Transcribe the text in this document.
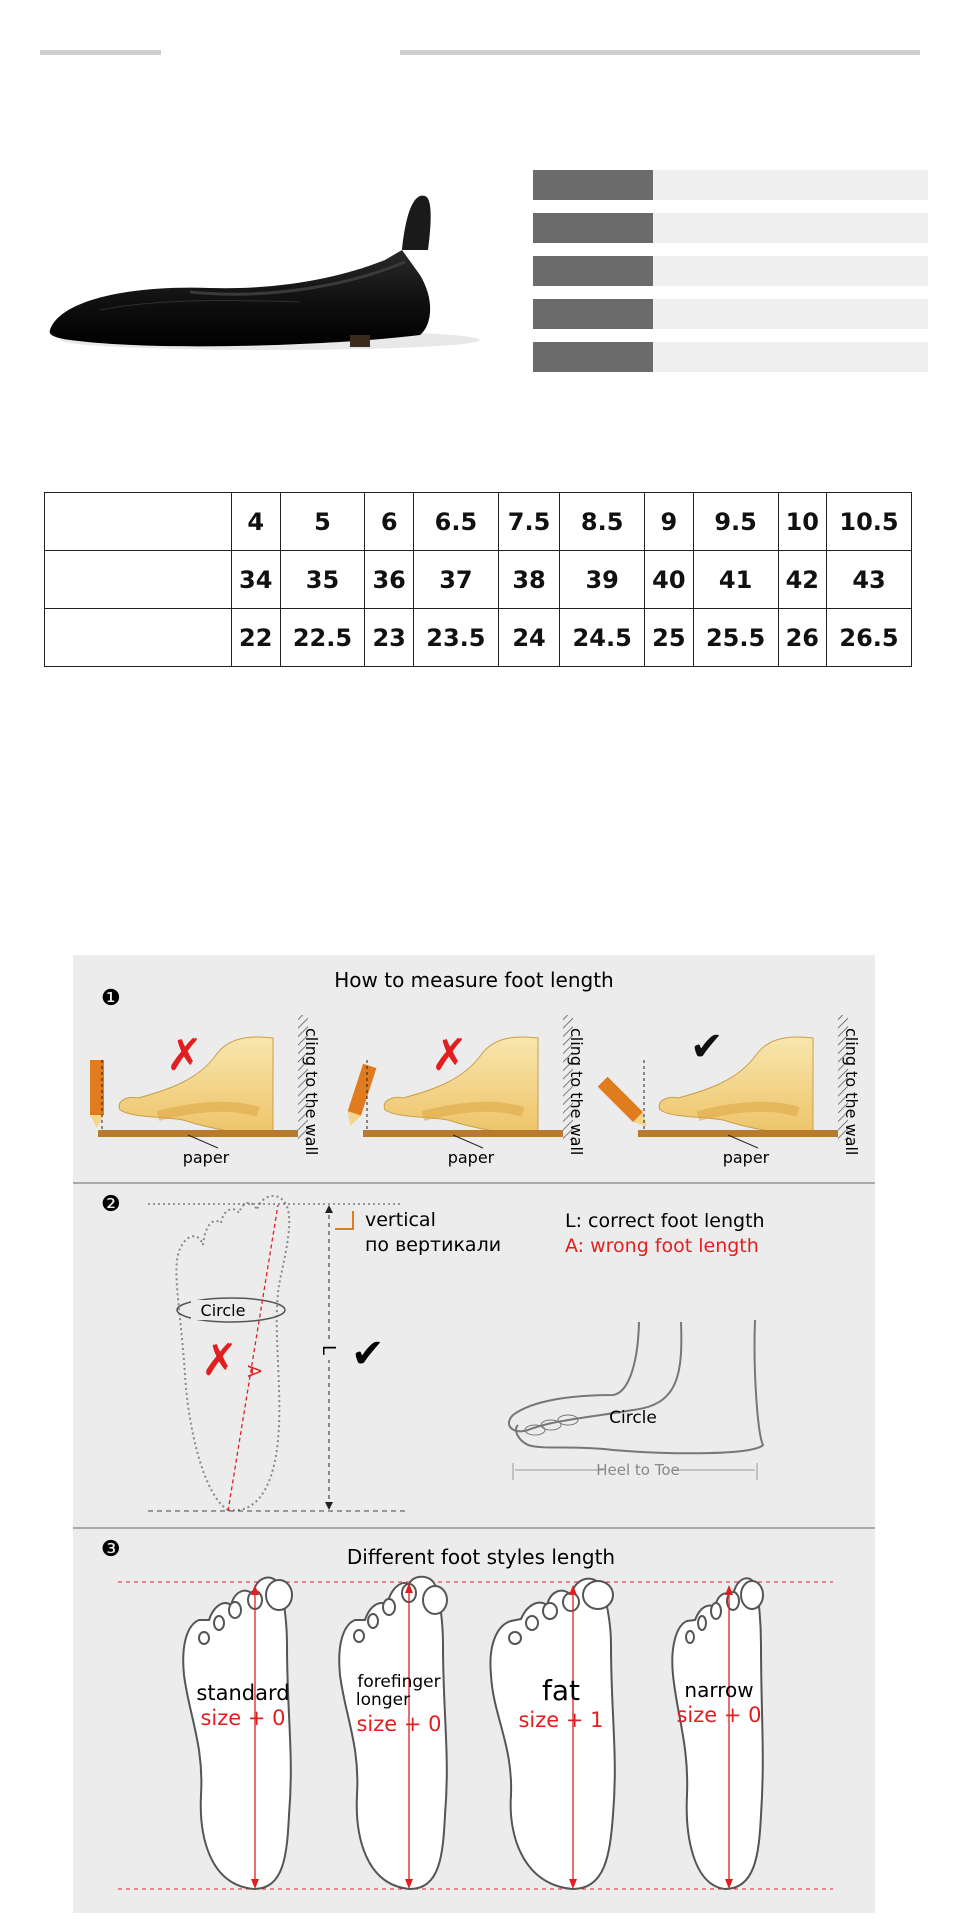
	4	5	6	6.5	7.5	8.5	9	9.5	10	10.5
	34	35	36	37	38	39	40	41	42	43
	22	22.5	23	23.5	24	24.5	25	25.5	26	26.5
❶
How to measure foot length
paper
✗	cling to the wall
paper
✗	cling to the wall
paper
✔	cling to the wall
❷
Circle
A
✗	L ✔
vertical
по вертикали
L: correct foot length
A: wrong foot length
Circle
Heel to Toe
❸	Different foot styles length
standard
size + 0
forefinger
longer
size + 0
fat
size + 1
narrow
size + 0
